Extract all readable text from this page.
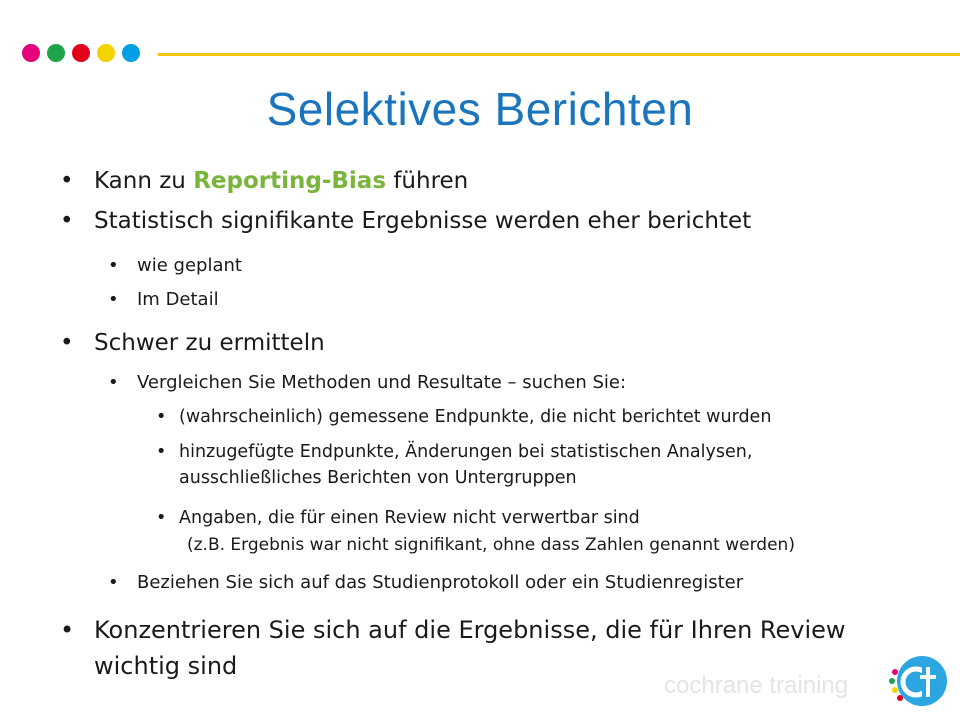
Selektives Berichten
• Kann zu Reporting-Bias führen
• Statistisch signifikante Ergebnisse werden eher berichtet
• wie geplant
• Im Detail
• Schwer zu ermitteln
• Vergleichen Sie Methoden und Resultate – suchen Sie:
• (wahrscheinlich) gemessene Endpunkte, die nicht berichtet wurden
• hinzugefügte Endpunkte, Änderungen bei statistischen Analysen,
ausschließliches Berichten von Untergruppen
• Angaben, die für einen Review nicht verwertbar sind
(z.B. Ergebnis war nicht signifikant, ohne dass Zahlen genannt werden)
• Beziehen Sie sich auf das Studienprotokoll oder ein Studienregister
• Konzentrieren Sie sich auf die Ergebnisse, die für Ihren Review
wichtig sind
cochrane training
